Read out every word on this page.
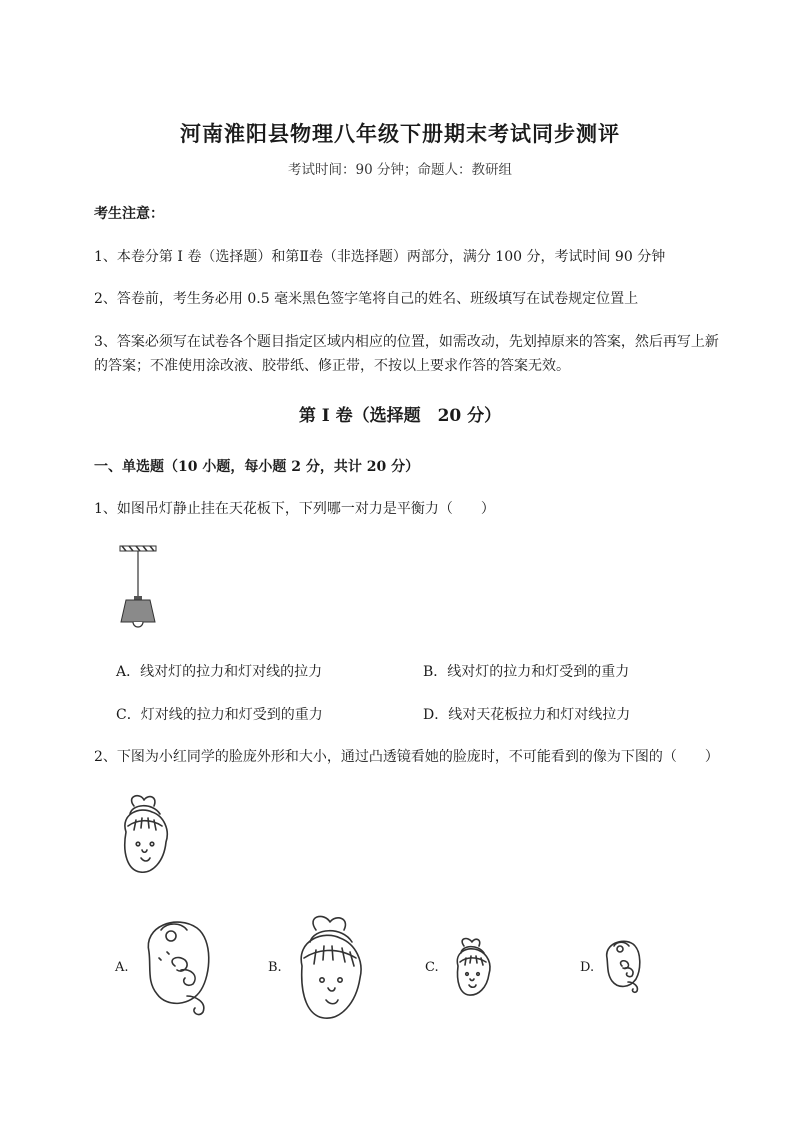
河南淮阳县物理八年级下册期末考试同步测评
考试时间：90 分钟；命题人：教研组
考生注意：
1、本卷分第 I 卷（选择题）和第Ⅱ卷（非选择题）两部分，满分 100 分，考试时间 90 分钟
2、答卷前，考生务必用 0.5 毫米黑色签字笔将自己的姓名、班级填写在试卷规定位置上
3、答案必须写在试卷各个题目指定区域内相应的位置，如需改动，先划掉原来的答案，然后再写上新
的答案；不准使用涂改液、胶带纸、修正带，不按以上要求作答的答案无效。
第 I 卷（选择题　20 分）
一、单选题（10 小题，每小题 2 分，共计 20 分）
1、如图吊灯静止挂在天花板下，下列哪一对力是平衡力（　　）
A．线对灯的拉力和灯对线的拉力	B．线对灯的拉力和灯受到的重力
C．灯对线的拉力和灯受到的重力	D．线对天花板拉力和灯对线拉力
2、下图为小红同学的脸庞外形和大小，通过凸透镜看她的脸庞时，不可能看到的像为下图的（　　）
A.	B.	C.	D.
